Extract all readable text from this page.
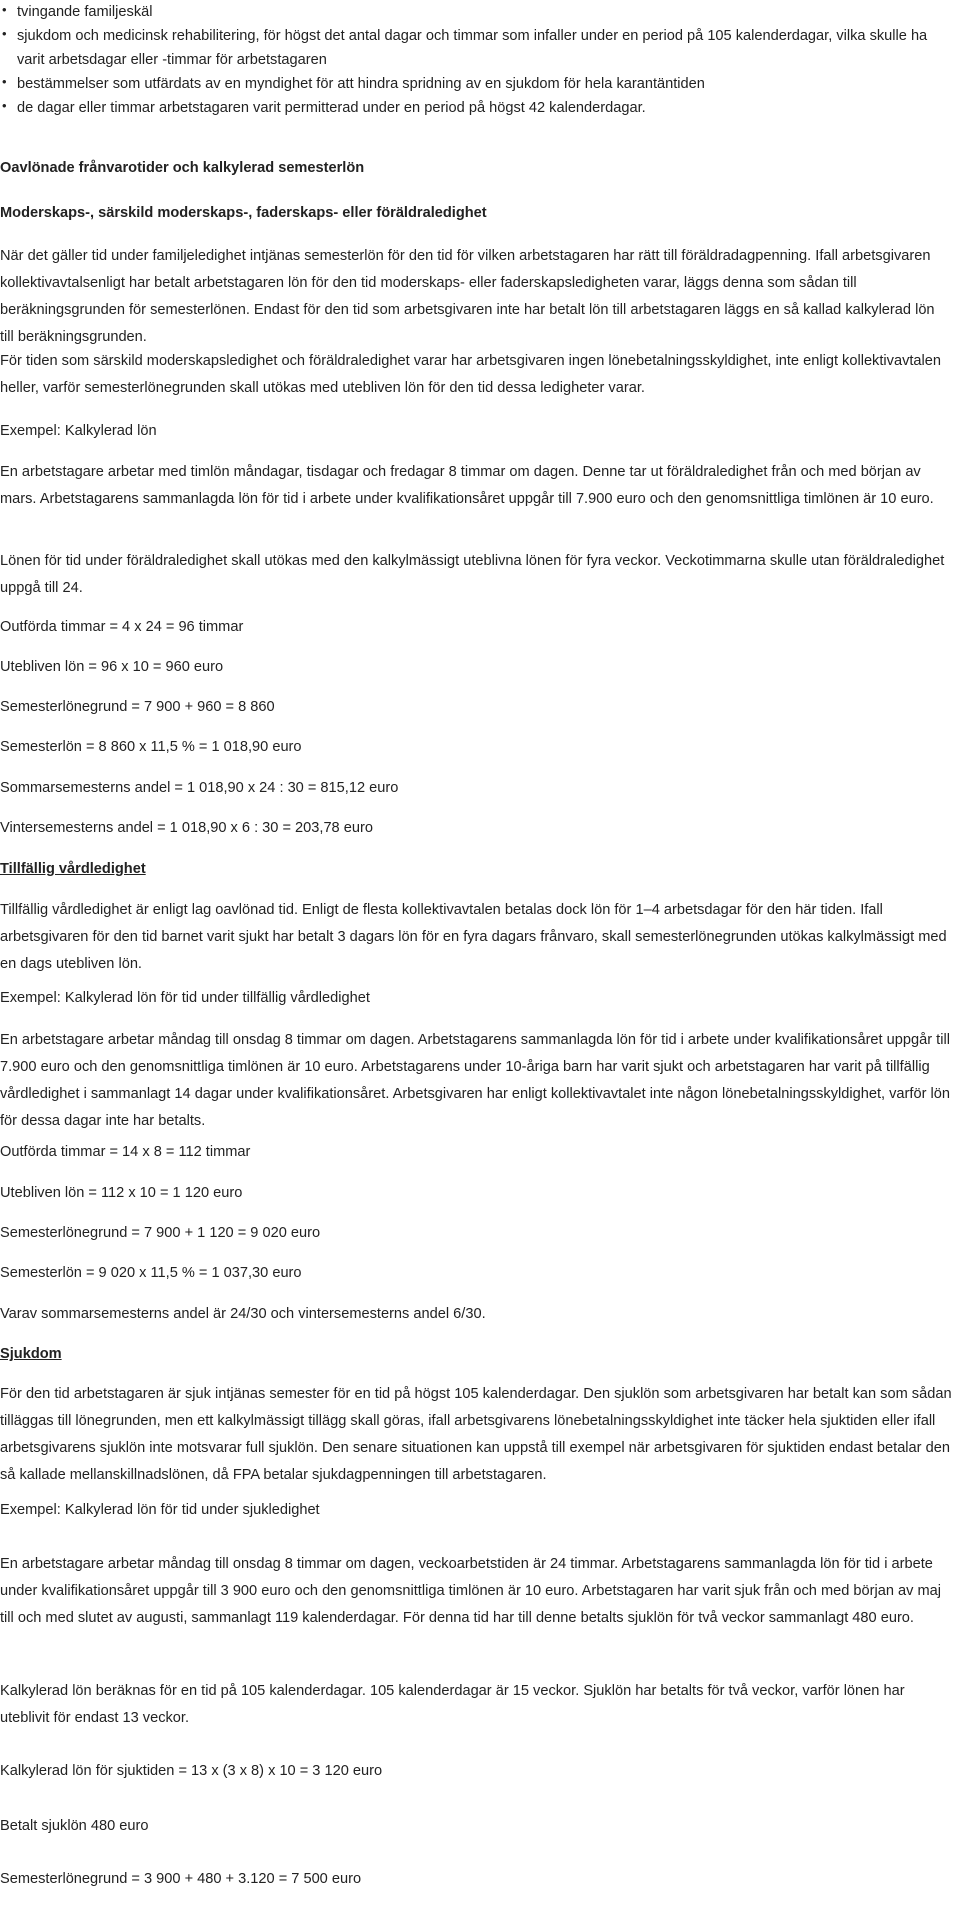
• tvingande familjeskäl
• sjukdom och medicinsk rehabilitering, för högst det antal dagar och timmar som infaller under en period på 105 kalenderdagar, vilka skulle ha varit arbetsdagar eller -timmar för arbetstagaren
• bestämmelser som utfärdats av en myndighet för att hindra spridning av en sjukdom för hela karantäntiden
• de dagar eller timmar arbetstagaren varit permitterad under en period på högst 42 kalenderdagar.

Oavlönade frånvarotider och kalkylerad semesterlön

Moderskaps-, särskild moderskaps-, faderskaps- eller föräldraledighet

När det gäller tid under familjeledighet intjänas semesterlön för den tid för vilken arbetstagaren har rätt till föräldradagpenning. Ifall arbetsgivaren kollektivavtalsenligt har betalt arbetstagaren lön för den tid moderskaps- eller faderskapsledigheten varar, läggs denna som sådan till beräkningsgrunden för semesterlönen. Endast för den tid som arbetsgivaren inte har betalt lön till arbetstagaren läggs en så kallad kalkylerad lön till beräkningsgrunden.

För tiden som särskild moderskapsledighet och föräldraledighet varar har arbetsgivaren ingen lönebetalningsskyldighet, inte enligt kollektivavtalen heller, varför semesterlönegrunden skall utökas med utebliven lön för den tid dessa ledigheter varar.

Exempel: Kalkylerad lön

En arbetstagare arbetar med timlön måndagar, tisdagar och fredagar 8 timmar om dagen. Denne tar ut föräldraledighet från och med början av mars. Arbetstagarens sammanlagda lön för tid i arbete under kvalifikationsåret uppgår till 7.900 euro och den genomsnittliga timlönen är 10 euro.

Lönen för tid under föräldraledighet skall utökas med den kalkylmässigt uteblivna lönen för fyra veckor. Veckotimmarna skulle utan föräldraledighet uppgå till 24.

Outförda timmar = 4 x 24 = 96 timmar

Utebliven lön = 96 x 10 = 960 euro

Semesterlönegrund = 7 900 + 960 = 8 860

Semesterlön = 8 860 x 11,5 % = 1 018,90 euro

Sommarsemesterns andel = 1 018,90 x 24 : 30 = 815,12 euro

Vintersemesterns andel = 1 018,90 x 6 : 30 = 203,78 euro

Tillfällig vårdledighet

Tillfällig vårdledighet är enligt lag oavlönad tid. Enligt de flesta kollektivavtalen betalas dock lön för 1–4 arbetsdagar för den här tiden. Ifall arbetsgivaren för den tid barnet varit sjukt har betalt 3 dagars lön för en fyra dagars frånvaro, skall semesterlönegrunden utökas kalkylmässigt med en dags utebliven lön.

Exempel: Kalkylerad lön för tid under tillfällig vårdledighet

En arbetstagare arbetar måndag till onsdag 8 timmar om dagen. Arbetstagarens sammanlagda lön för tid i arbete under kvalifikationsåret uppgår till 7.900 euro och den genomsnittliga timlönen är 10 euro. Arbetstagarens under 10-åriga barn har varit sjukt och arbetstagaren har varit på tillfällig vårdledighet i sammanlagt 14 dagar under kvalifikationsåret. Arbetsgivaren har enligt kollektivavtalet inte någon lönebetalningsskyldighet, varför lön för dessa dagar inte har betalts.

Outförda timmar = 14 x 8 = 112 timmar

Utebliven lön = 112 x 10 = 1 120 euro

Semesterlönegrund = 7 900 + 1 120 = 9 020 euro

Semesterlön = 9 020 x 11,5 % = 1 037,30 euro

Varav sommarsemesterns andel är 24/30 och vintersemesterns andel 6/30.

Sjukdom

För den tid arbetstagaren är sjuk intjänas semester för en tid på högst 105 kalenderdagar. Den sjuklön som arbetsgivaren har betalt kan som sådan tilläggas till lönegrunden, men ett kalkylmässigt tillägg skall göras, ifall arbetsgivarens lönebetalningsskyldighet inte täcker hela sjuktiden eller ifall arbetsgivarens sjuklön inte motsvarar full sjuklön. Den senare situationen kan uppstå till exempel när arbetsgivaren för sjuktiden endast betalar den så kallade mellanskillnadslönen, då FPA betalar sjukdagpenningen till arbetstagaren.

Exempel: Kalkylerad lön för tid under sjukledighet

En arbetstagare arbetar måndag till onsdag 8 timmar om dagen, veckoarbetstiden är 24 timmar. Arbetstagarens sammanlagda lön för tid i arbete under kvalifikationsåret uppgår till 3 900 euro och den genomsnittliga timlönen är 10 euro. Arbetstagaren har varit sjuk från och med början av maj till och med slutet av augusti, sammanlagt 119 kalenderdagar. För denna tid har till denne betalts sjuklön för två veckor sammanlagt 480 euro.

Kalkylerad lön beräknas för en tid på 105 kalenderdagar. 105 kalenderdagar är 15 veckor. Sjuklön har betalts för två veckor, varför lönen har uteblivit för endast 13 veckor.

Kalkylerad lön för sjuktiden = 13 x (3 x 8) x 10 = 3 120 euro

Betalt sjuklön 480 euro

Semesterlönegrund = 3 900 + 480 + 3.120 = 7 500 euro
